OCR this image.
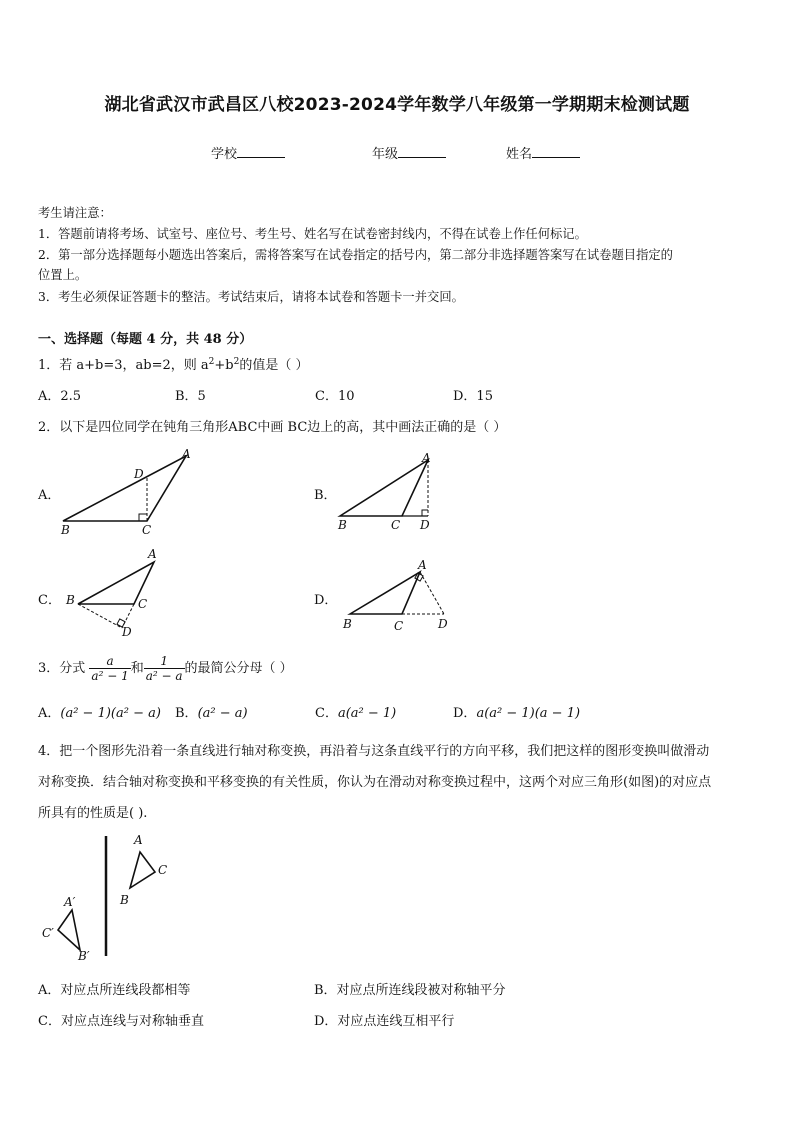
湖北省武汉市武昌区八校2023-2024学年数学八年级第一学期期末检测试题
学校	年级	姓名
考生请注意：
1．答题前请将考场、试室号、座位号、考生号、姓名写在试卷密封线内，不得在试卷上作任何标记。
2．第一部分选择题每小题选出答案后，需将答案写在试卷指定的括号内，第二部分非选择题答案写在试卷题目指定的
位置上。
3．考生必须保证答题卡的整洁。考试结束后，请将本试卷和答题卡一并交回。
一、选择题（每题 4 分，共 48 分）
1．若 a+b=3，ab=2，则 $a^2+b^2$的值是（ ）
A．2.5	B．5	C．10	D．15
2．以下是四位同学在钝角三角形ABC中画 BC边上的高，其中画法正确的是（ ）
A．
A
D
B	C
B．
A
B	C D
C．
A
B	C
D
D．
A
B	C	D
3．分式 $\frac{a}{\text{a² − 1}}$ 和 $\frac{1}{\text{a² − a}}$ 的最简公分母（ ）
A．(a² − 1)(a² − a) B．(a² − a)	C．a(a² − 1)	D．a(a² − 1)(a − 1)
4．把一个图形先沿着一条直线进行轴对称变换，再沿着与这条直线平行的方向平移，我们把这样的图形变换叫做滑动
对称变换．结合轴对称变换和平移变换的有关性质，你认为在滑动对称变换过程中，这两个对应三角形(如图)的对应点
所具有的性质是( ).
A
C
B
A′
C′
B′
A．对应点所连线段都相等	B．对应点所连线段被对称轴平分
C．对应点连线与对称轴垂直	D．对应点连线互相平行
